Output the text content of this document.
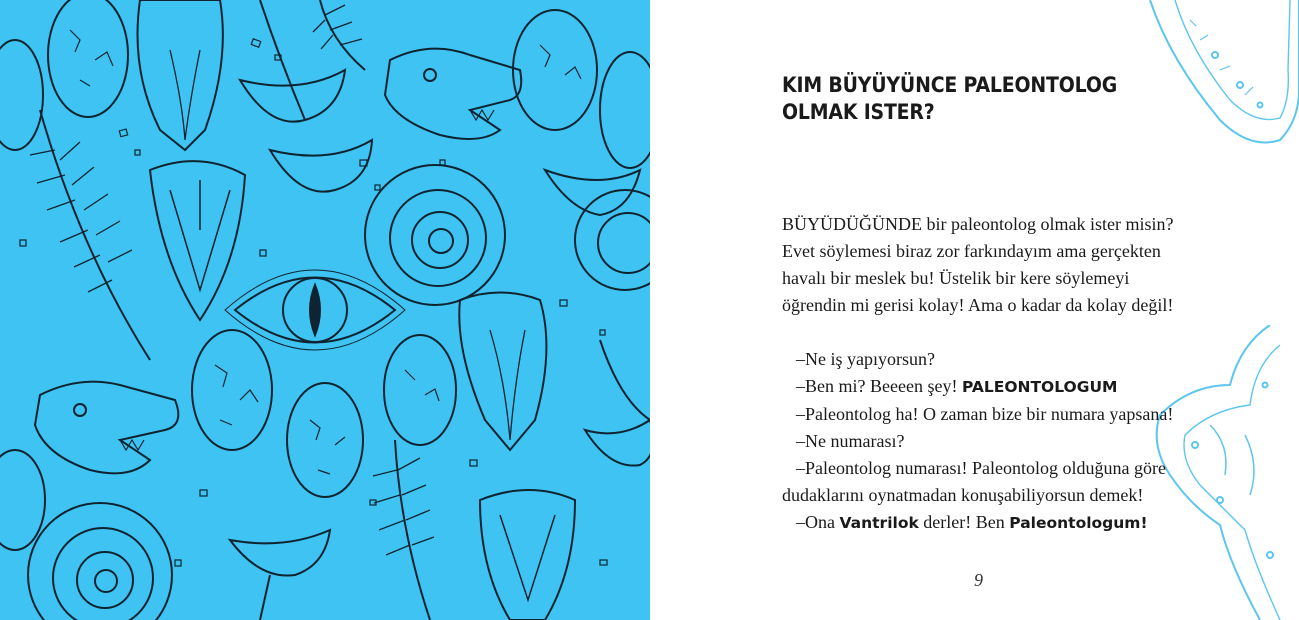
KIM BÜYÜYÜNCE PALEONTOLOG
OLMAK ISTER?
BÜYÜDÜĞÜNDE bir paleontolog olmak ister misin?
Evet söylemesi biraz zor farkındayım ama gerçekten
havalı bir meslek bu! Üstelik bir kere söylemeyi
öğrendin mi gerisi kolay! Ama o kadar da kolay değil!
–Ne iş yapıyorsun?
–Ben mi? Beeeen şey! PALEONTOLOGUM
–Paleontolog ha! O zaman bize bir numara yapsana!
–Ne numarası?
–Paleontolog numarası! Paleontolog olduğuna göre
dudaklarını oynatmadan konuşabiliyorsun demek!
–Ona Vantrilok derler! Ben Paleontologum!
9
